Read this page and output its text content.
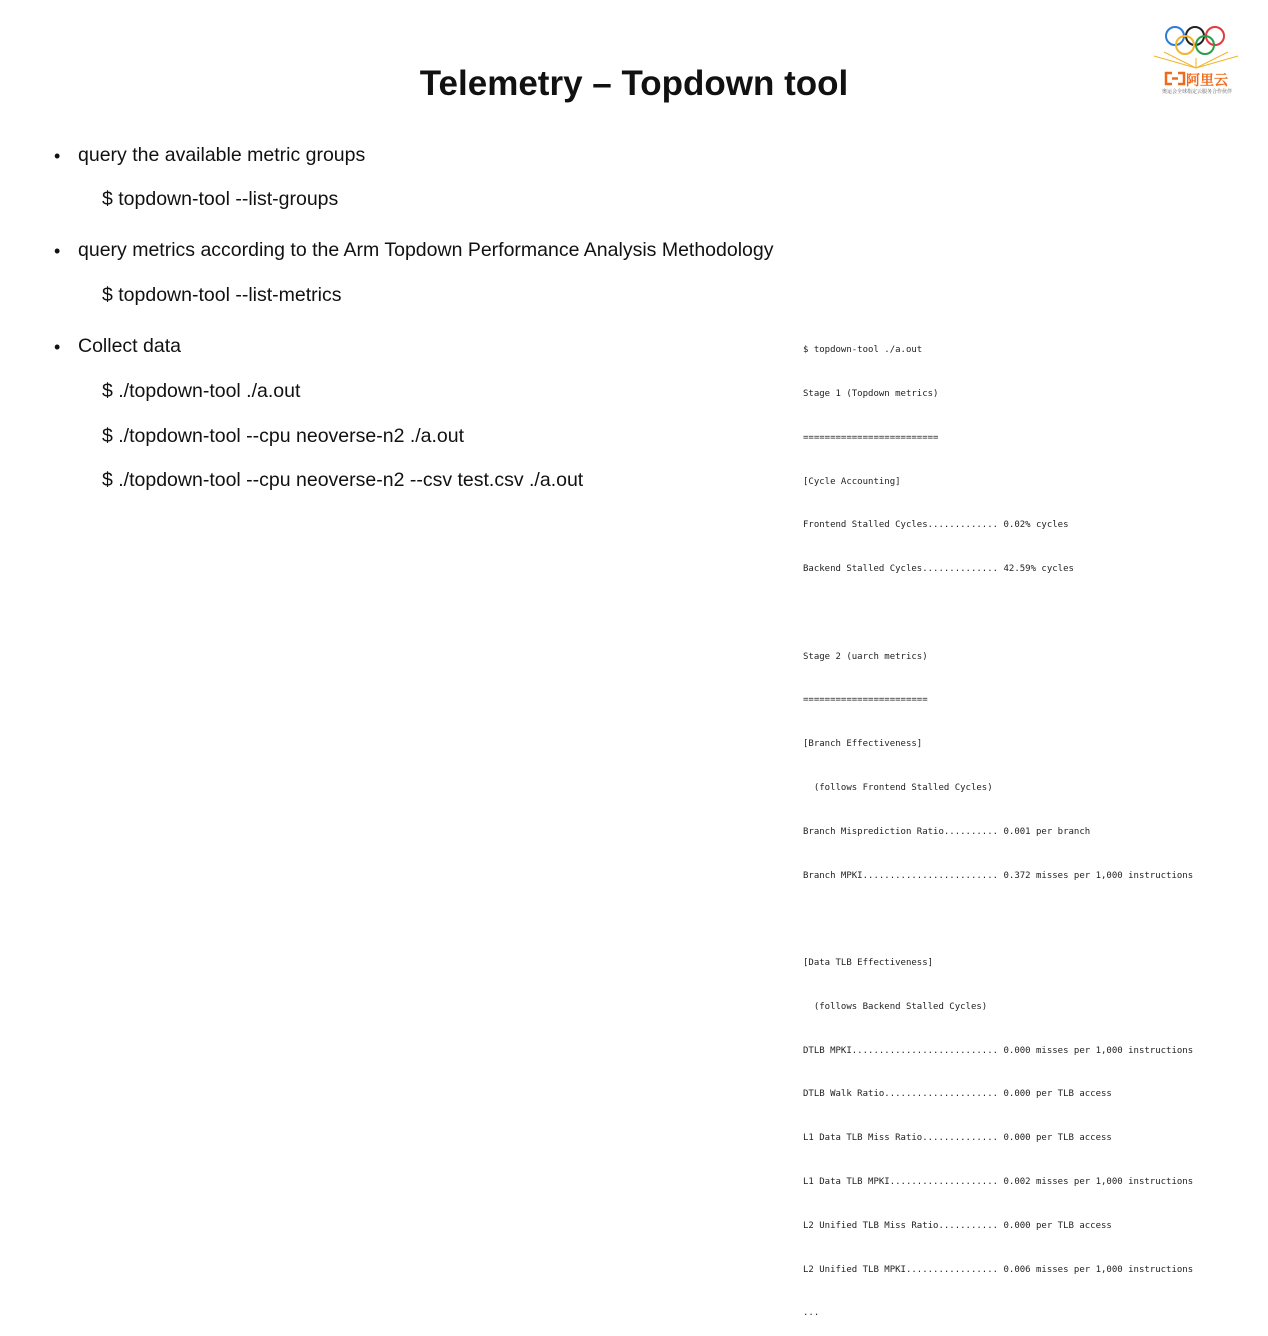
Telemetry – Topdown tool	阿里云
奥运会全球指定云服务合作伙伴
• query the available metric groups
$ topdown-tool --list-groups
• query metrics according to the Arm Topdown Performance Analysis Methodology
$ topdown-tool --list-metrics
• Collect data
$ ./topdown-tool ./a.out
$ ./topdown-tool --cpu neoverse-n2 ./a.out
$ ./topdown-tool --cpu neoverse-n2 --csv test.csv ./a.out

$ topdown-tool ./a.out

Stage 1 (Topdown metrics)

=========================

[Cycle Accounting]

Frontend Stalled Cycles............. 0.02% cycles

Backend Stalled Cycles.............. 42.59% cycles

Stage 2 (uarch metrics)

=======================

[Branch Effectiveness]

(follows Frontend Stalled Cycles)

Branch Misprediction Ratio.......... 0.001 per branch

Branch MPKI......................... 0.372 misses per 1,000 instructions

[Data TLB Effectiveness]

(follows Backend Stalled Cycles)

DTLB MPKI........................... 0.000 misses per 1,000 instructions

DTLB Walk Ratio..................... 0.000 per TLB access

L1 Data TLB Miss Ratio.............. 0.000 per TLB access

L1 Data TLB MPKI.................... 0.002 misses per 1,000 instructions

L2 Unified TLB Miss Ratio........... 0.000 per TLB access

L2 Unified TLB MPKI................. 0.006 misses per 1,000 instructions

...
